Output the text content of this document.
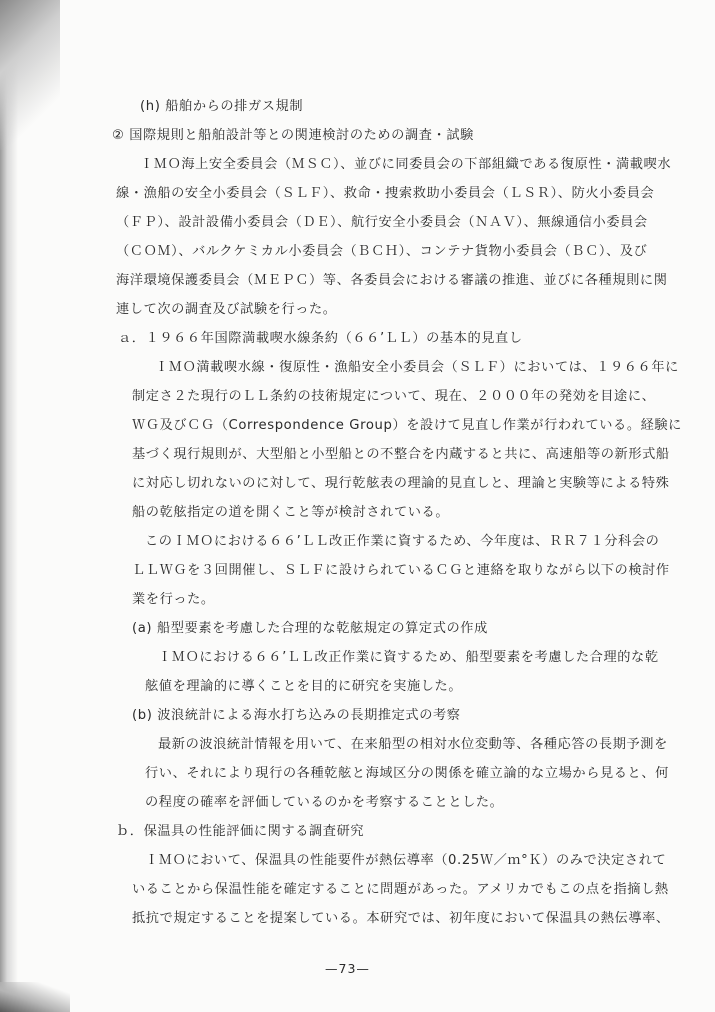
(h) 船舶からの排ガス規制
② 国際規則と船舶設計等との関連検討のための調査・試験
ＩＭＯ海上安全委員会（ＭＳＣ）、並びに同委員会の下部組織である復原性・満載喫水
線・漁船の安全小委員会（ＳＬＦ）、救命・捜索救助小委員会（ＬＳＲ）、防火小委員会
（ＦＰ）、設計設備小委員会（ＤＥ）、航行安全小委員会（ＮＡＶ）、無線通信小委員会
（ＣＯＭ）、バルクケミカル小委員会（ＢＣＨ）、コンテナ貨物小委員会（ＢＣ）、及び
海洋環境保護委員会（ＭＥＰＣ）等、各委員会における審議の推進、並びに各種規則に関
連して次の調査及び試験を行った。
ａ．１９６６年国際満載喫水線条約（６６’ＬＬ）の基本的見直し
ＩＭＯ満載喫水線・復原性・漁船安全小委員会（ＳＬＦ）においては、１９６６年に
制定さ２た現行のＬＬ条約の技術規定について、現在、２０００年の発効を目途に、
ＷＧ及びＣＧ（Correspondence Group）を設けて見直し作業が行われている。経験に
基づく現行規則が、大型船と小型船との不整合を内蔵すると共に、高速船等の新形式船
に対応し切れないのに対して、現行乾舷表の理論的見直しと、理論と実験等による特殊
船の乾舷指定の道を開くこと等が検討されている。
このＩＭＯにおける６６’ＬＬ改正作業に資するため、今年度は、ＲＲ７１分科会の
ＬＬＷＧを３回開催し、ＳＬＦに設けられているＣＧと連絡を取りながら以下の検討作
業を行った。
(a) 船型要素を考慮した合理的な乾舷規定の算定式の作成
ＩＭＯにおける６６’ＬＬ改正作業に資するため、船型要素を考慮した合理的な乾
舷値を理論的に導くことを目的に研究を実施した。
(b) 波浪統計による海水打ち込みの長期推定式の考察
最新の波浪統計情報を用いて、在来船型の相対水位変動等、各種応答の長期予測を
行い、それにより現行の各種乾舷と海域区分の関係を確立論的な立場から見ると、何
の程度の確率を評価しているのかを考察することとした。
ｂ．保温具の性能評価に関する調査研究
ＩＭＯにおいて、保温具の性能要件が熱伝導率（0.25Ｗ／ｍ°Ｋ）のみで決定されて
いることから保温性能を確定することに問題があった。アメリカでもこの点を指摘し熱
抵抗で規定することを提案している。本研究では、初年度において保温具の熱伝導率、
—73—
